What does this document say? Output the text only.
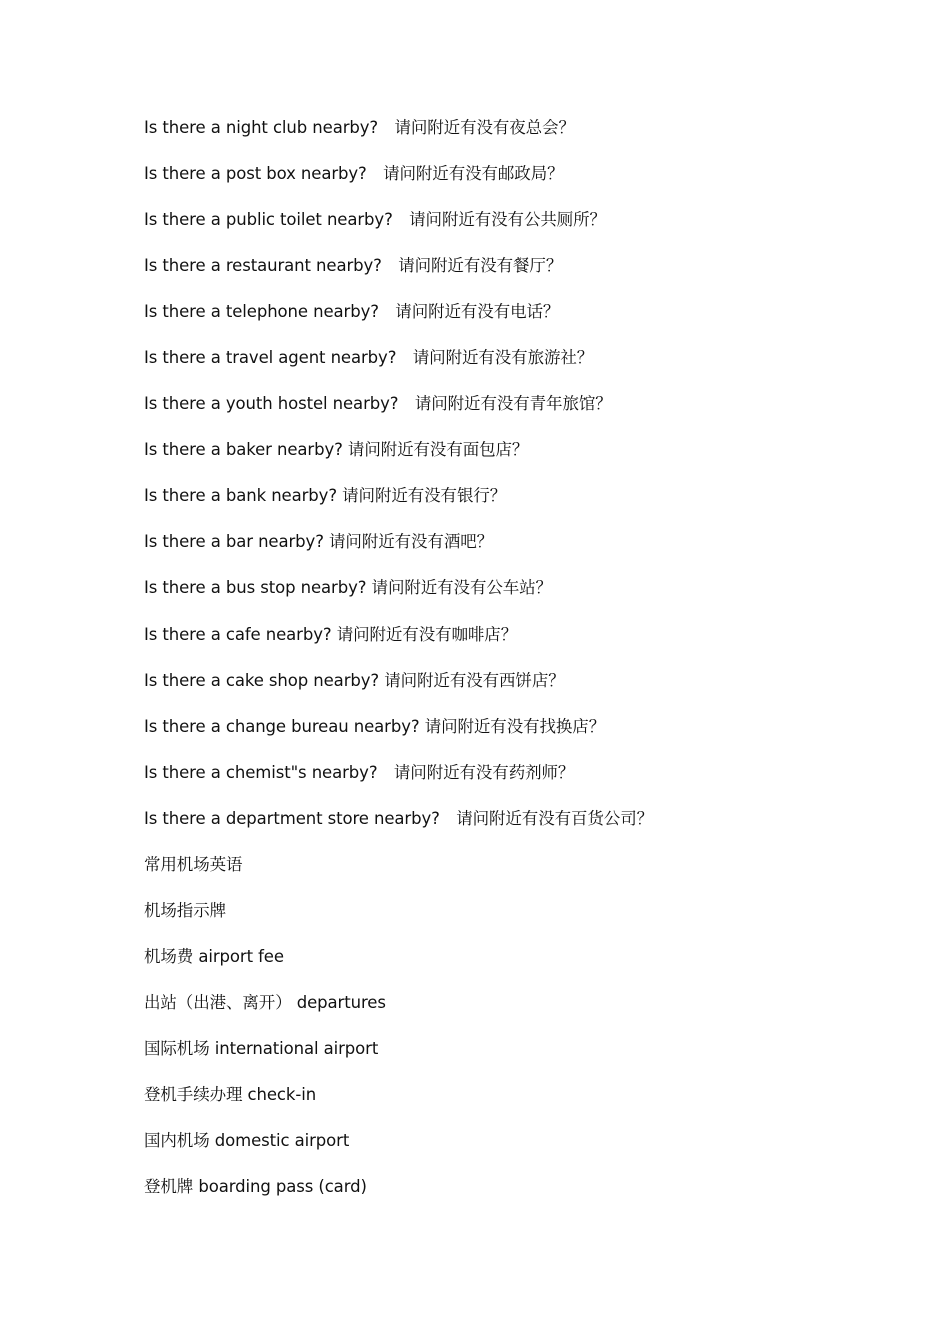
Is there a night club nearby?　请问附近有没有夜总会？
Is there a post box nearby?　请问附近有没有邮政局？
Is there a public toilet nearby?　请问附近有没有公共厕所？
Is there a restaurant nearby?　请问附近有没有餐厅？
Is there a telephone nearby?　请问附近有没有电话？
Is there a travel agent nearby?　请问附近有没有旅游社？
Is there a youth hostel nearby?　请问附近有没有青年旅馆？
Is there a baker nearby? 请问附近有没有面包店？
Is there a bank nearby? 请问附近有没有银行？
Is there a bar nearby? 请问附近有没有酒吧？
Is there a bus stop nearby? 请问附近有没有公车站？
Is there a cafe nearby? 请问附近有没有咖啡店？
Is there a cake shop nearby? 请问附近有没有西饼店？
Is there a change bureau nearby? 请问附近有没有找换店？
Is there a chemist"s nearby?　请问附近有没有药剂师？
Is there a department store nearby?　请问附近有没有百货公司？
常用机场英语
机场指示牌
机场费 airport fee
出站（出港、离开） departures
国际机场 international airport
登机手续办理 check-in
国内机场 domestic airport
登机牌 boarding pass (card)
